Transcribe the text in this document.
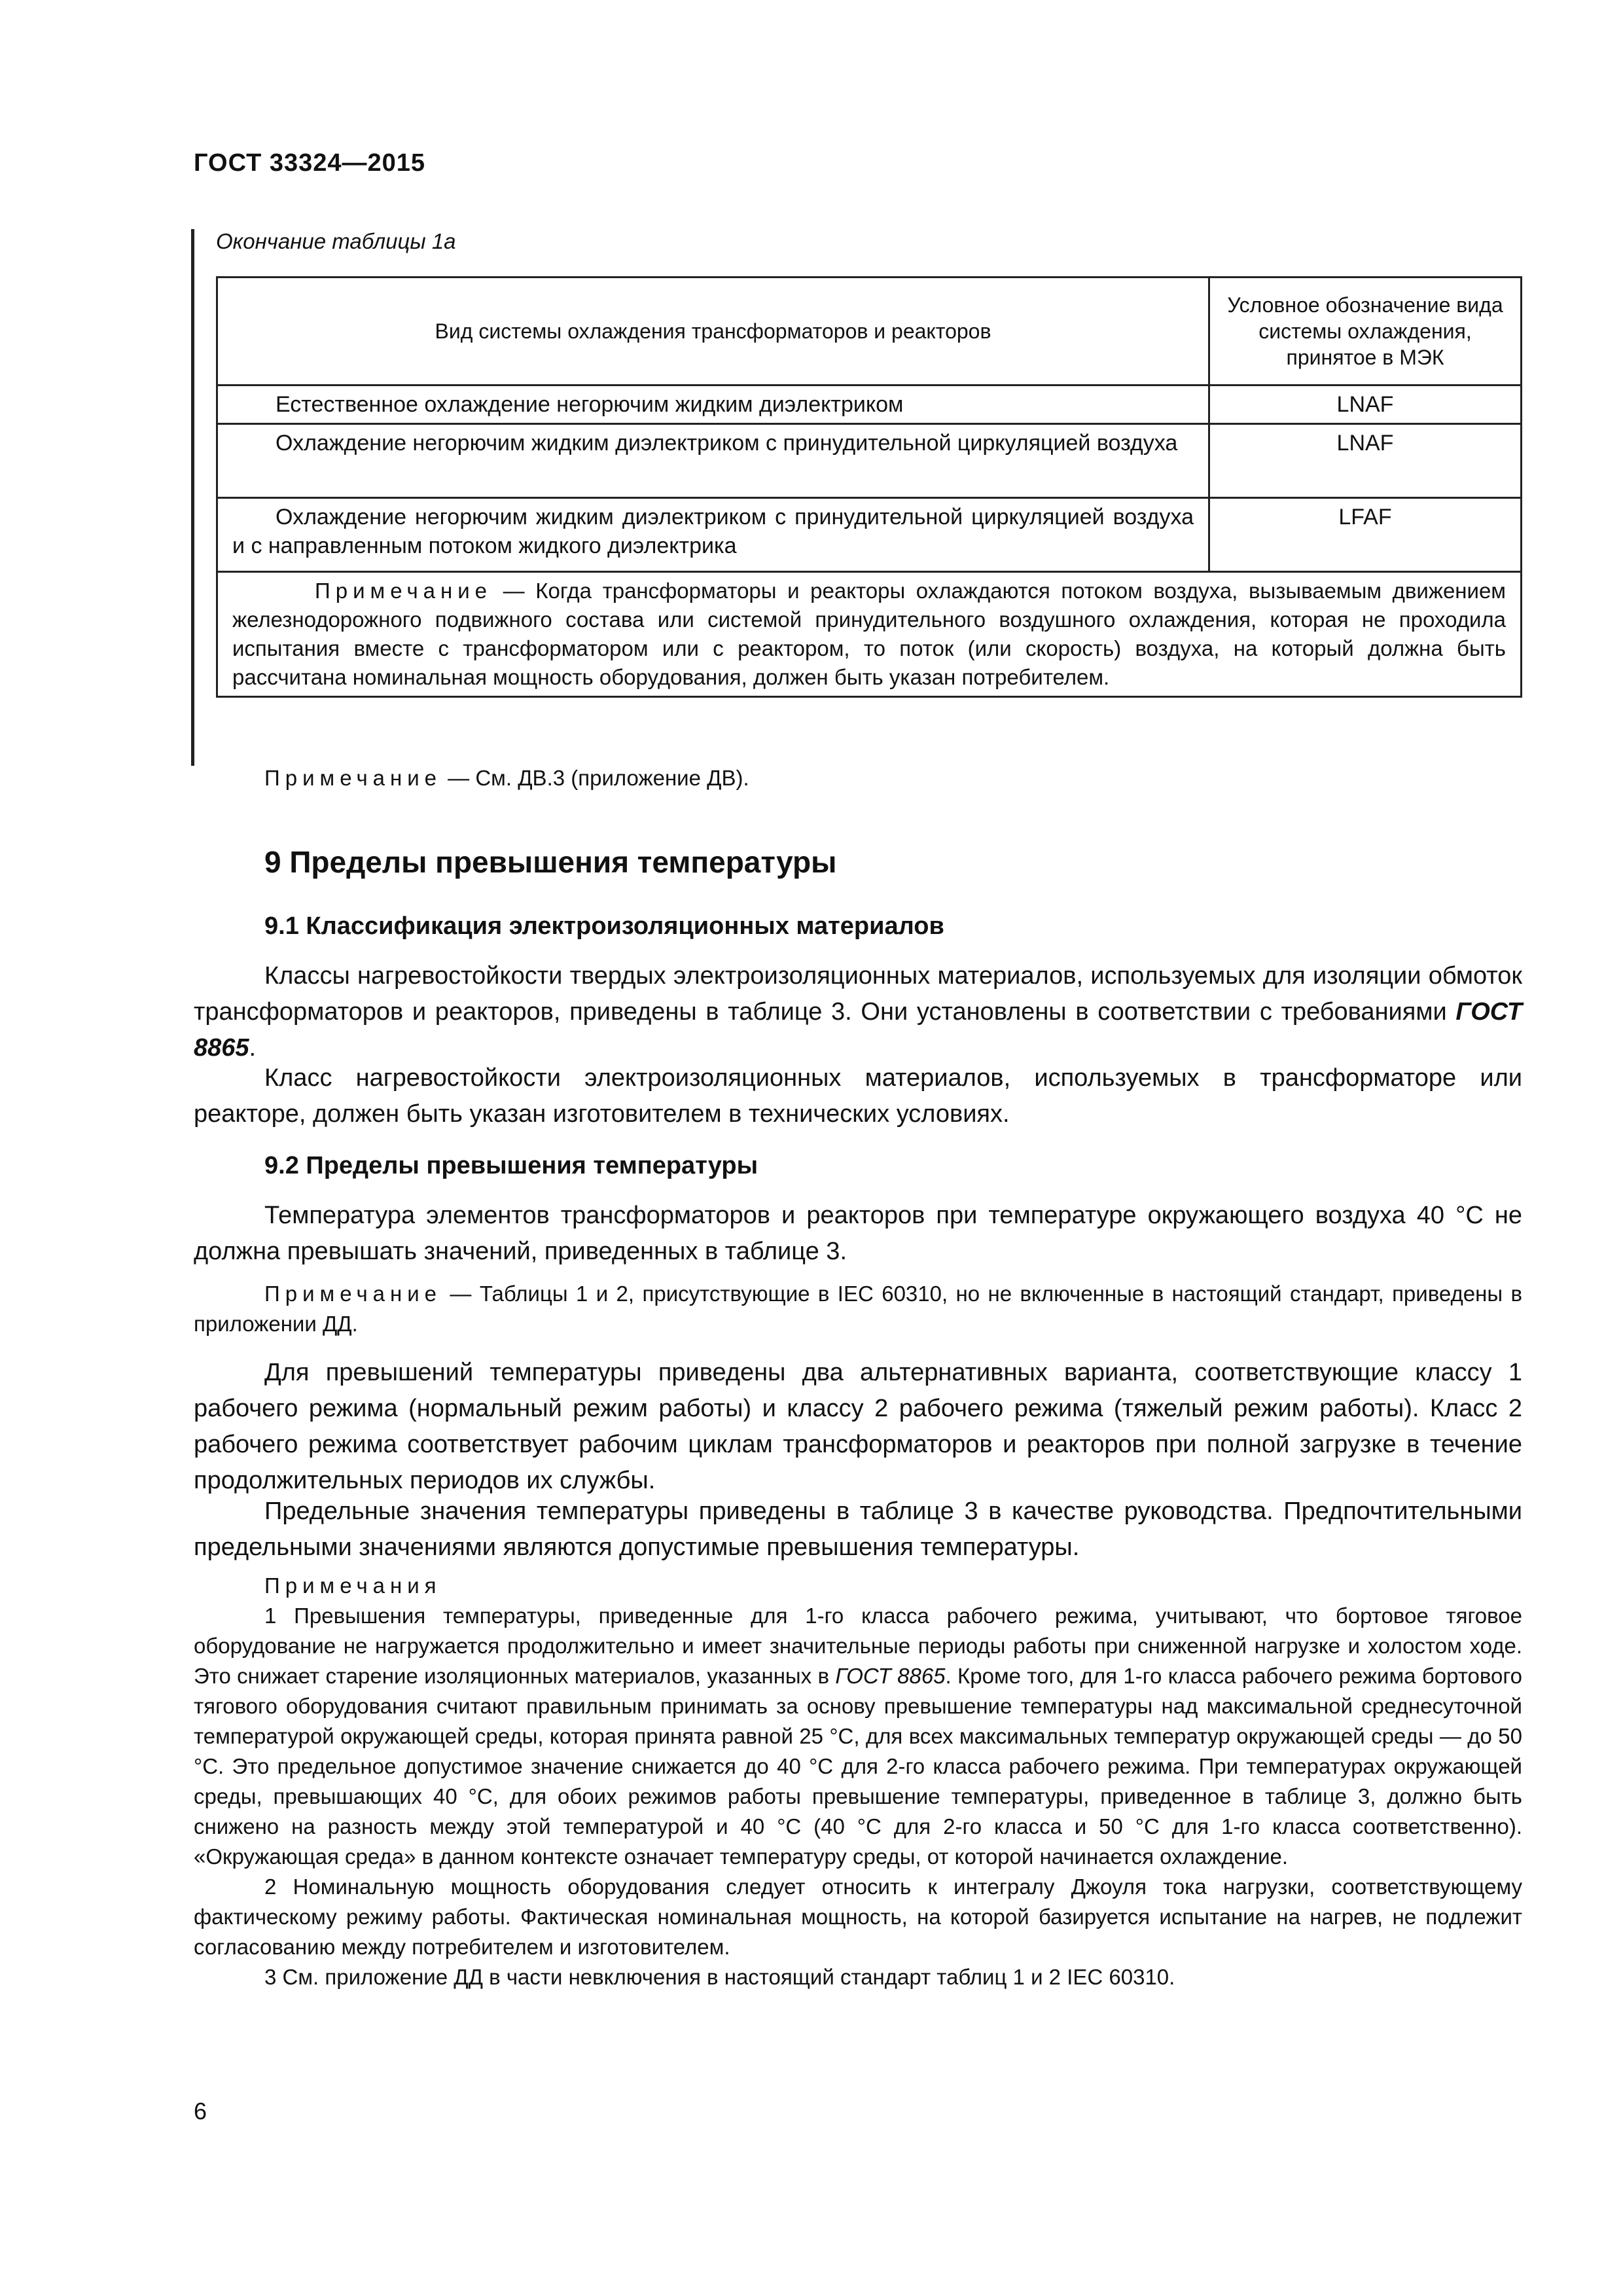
ГОСТ 33324—2015
Окончание таблицы 1а
Вид системы охлаждения трансформаторов и реакторов	Условное обозначение вида системы охлаждения, принятое в МЭК
Естественное охлаждение негорючим жидким диэлектриком	LNAF
Охлаждение негорючим жидким диэлектриком с принудительной циркуляцией воздуха	LNAF
Охлаждение негорючим жидким диэлектриком с принудительной циркуляцией воздуха и с направленным потоком жидкого диэлектрика	LFAF
Примечание — Когда трансформаторы и реакторы охлаждаются потоком воздуха, вызываемым движением железнодорожного подвижного состава или системой принудительного воздушного охлаждения, которая не проходила испытания вместе с трансформатором или с реактором, то поток (или скорость) воздуха, на который должна быть рассчитана номинальная мощность оборудования, должен быть указан потребителем.	
Примечание — См. ДВ.3 (приложение ДВ).
9 Пределы превышения температуры
9.1 Классификация электроизоляционных материалов
Классы нагревостойкости твердых электроизоляционных материалов, используемых для изоляции обмоток трансформаторов и реакторов, приведены в таблице 3. Они установлены в соответствии с требованиями ГОСТ 8865.
Класс нагревостойкости электроизоляционных материалов, используемых в трансформаторе или реакторе, должен быть указан изготовителем в технических условиях.
9.2 Пределы превышения температуры
Температура элементов трансформаторов и реакторов при температуре окружающего воздуха 40 °С не должна превышать значений, приведенных в таблице 3.
Примечание — Таблицы 1 и 2, присутствующие в IEC 60310, но не включенные в настоящий стандарт, приведены в приложении ДД.
Для превышений температуры приведены два альтернативных варианта, соответствующие классу 1 рабочего режима (нормальный режим работы) и классу 2 рабочего режима (тяжелый режим работы). Класс 2 рабочего режима соответствует рабочим циклам трансформаторов и реакторов при полной загрузке в течение продолжительных периодов их службы.
Предельные значения температуры приведены в таблице 3 в качестве руководства. Предпочтительными предельными значениями являются допустимые превышения температуры.
Примечания
1 Превышения температуры, приведенные для 1-го класса рабочего режима, учитывают, что бортовое тяговое оборудование не нагружается продолжительно и имеет значительные периоды работы при сниженной нагрузке и холостом ходе. Это снижает старение изоляционных материалов, указанных в ГОСТ 8865. Кроме того, для 1-го класса рабочего режима бортового тягового оборудования считают правильным принимать за основу превышение температуры над максимальной среднесуточной температурой окружающей среды, которая принята равной 25 °С, для всех максимальных температур окружающей среды — до 50 °С. Это предельное допустимое значение снижается до 40 °С для 2-го класса рабочего режима. При температурах окружающей среды, превышающих 40 °С, для обоих режимов работы превышение температуры, приведенное в таблице 3, должно быть снижено на разность между этой температурой и 40 °С (40 °С для 2-го класса и 50 °С для 1-го класса соответственно). «Окружающая среда» в данном контексте означает температуру среды, от которой начинается охлаждение.
2 Номинальную мощность оборудования следует относить к интегралу Джоуля тока нагрузки, соответствующему фактическому режиму работы. Фактическая номинальная мощность, на которой базируется испытание на нагрев, не подлежит согласованию между потребителем и изготовителем.
3 См. приложение ДД в части невключения в настоящий стандарт таблиц 1 и 2 IEC 60310.
6
